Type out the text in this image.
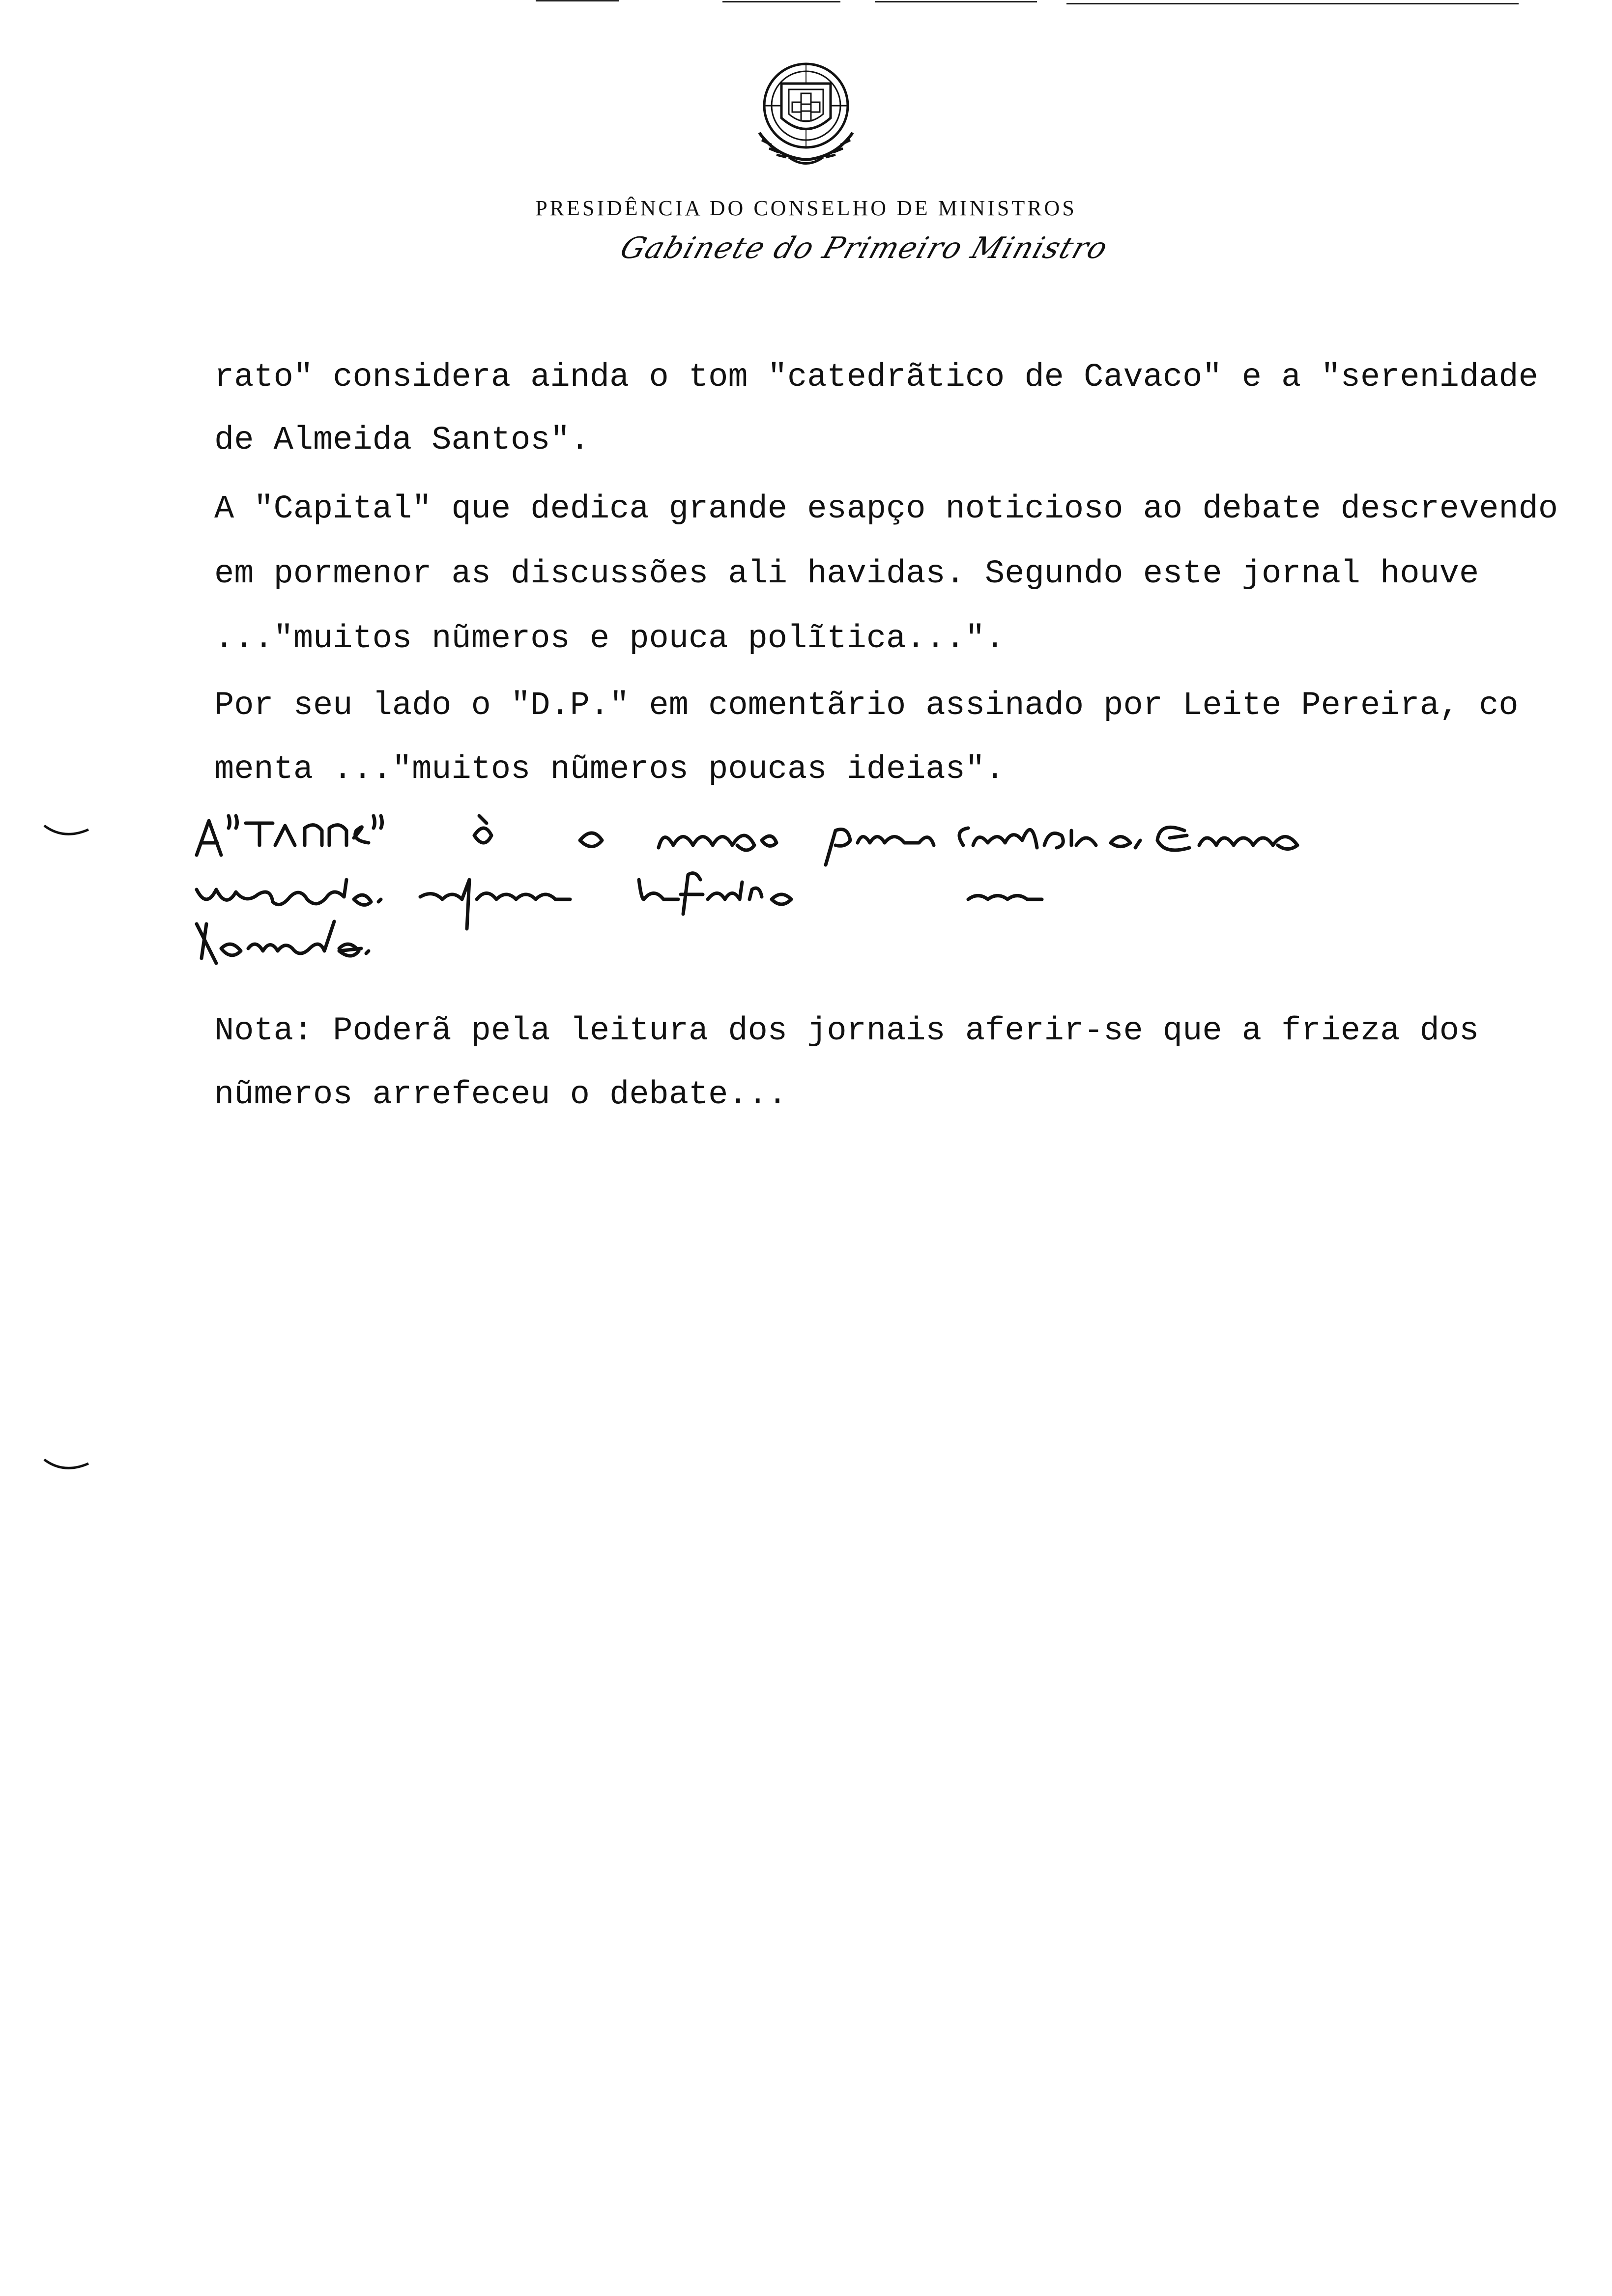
PRESIDÊNCIA DO CONSELHO DE MINISTROS
Gabinete do Primeiro Ministro
rato" considera ainda o tom "catedrãtico de Cavaco" e a "serenidade
de Almeida Santos".
A "Capital" que dedica grande esapço noticioso ao debate descrevendo
em pormenor as discussões ali havidas. Segundo este jornal houve
..."muitos nũmeros e pouca polĩtica...".
Por seu lado o "D.P." em comentãrio assinado por Leite Pereira, co
menta ..."muitos nũmeros poucas ideias".
Nota: Poderã pela leitura dos jornais aferir-se que a frieza dos
nũmeros arrefeceu o debate...
